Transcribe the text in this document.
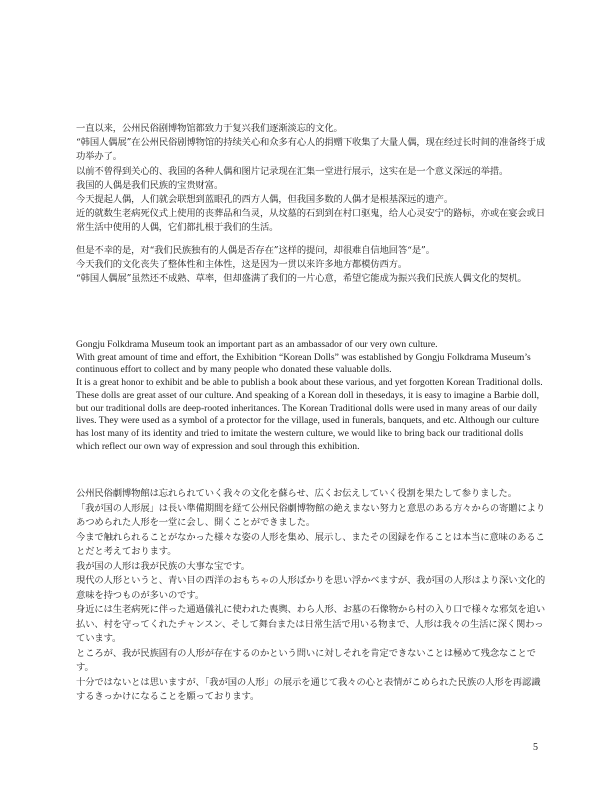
一直以来，公州民俗剧博物馆都致力于复兴我们逐渐淡忘的文化。

“韩国人偶展”在公州民俗剧博物馆的持续关心和众多有心人的捐赠下收集了大量人偶，现在经过长时间的准备终于成功举办了。

以前不曾得到关心的、我国的各种人偶和图片记录现在汇集一堂进行展示，这实在是一个意义深远的举措。

我国的人偶是我们民族的宝贵财富。

今天提起人偶，人们就会联想到蓝眼孔的西方人偶，但我国多数的人偶才是根基深远的遗产。

近的就数生老病死仪式上使用的丧葬品和刍灵，从坟墓的石到到在村口驱鬼，给人心灵安宁的路标，亦或在宴会或日常生活中使用的人偶，它们都扎根于我们的生活。

但是不幸的是，对“我们民族独有的人偶是否存在”这样的提问，却很难自信地回答“是”。

今天我们的文化丧失了整体性和主体性，这是因为一贯以来许多地方都模仿西方。

“韩国人偶展”虽然还不成熟、草率，但却盛满了我们的一片心意，希望它能成为振兴我们民族人偶文化的契机。

Gongju Folkdrama Museum took an important part as an ambassador of our very own culture.

With great amount of time and effort, the Exhibition “Korean Dolls” was established by Gongju Folkdrama Museum’s continuous effort to collect and by many people who donated these valuable dolls.

It is a great honor to exhibit and be able to publish a book about these various, and yet forgotten Korean Traditional dolls.

These dolls are great asset of our culture. And speaking of a Korean doll in thesedays, it is easy to imagine a Barbie doll, but our traditional dolls are deep-rooted inheritances. The Korean Traditional dolls were used in many areas of our daily lives. They were used as a symbol of a protector for the village, used in funerals, banquets, and etc. Although our culture has lost many of its identity and tried to imitate the western culture, we would like to bring back our traditional dolls which reflect our own way of expression and soul through this exhibition.

公州民俗劇博物館は忘れられていく我々の文化を蘇らせ、広くお伝えしていく役割を果たして参りました。

「我が国の人形展」は長い準備期間を経て公州民俗劇博物館の絶えまない努力と意思のある方々からの寄贈によりあつめられた人形を一堂に会し、開くことができました。

今まで触れられることがなかった様々な姿の人形を集め、展示し、またその図録を作ることは本当に意味のあることだと考えております。

我が国の人形は我が民族の大事な宝です。

現代の人形というと、青い目の西洋のおもちゃの人形ばかりを思い浮かべますが、我が国の人形はより深い文化的意味を持つものが多いのです。

身近には生老病死に伴った通過儀礼に使われた喪輿、わら人形、お墓の石像物から村の入り口で様々な邪気を追い払い、村を守ってくれたチャンスン、そして舞台または日常生活で用いる物まで、人形は我々の生活に深く関わっています。

ところが、我が民族固有の人形が存在するのかという問いに対しそれを肯定できないことは極めて残念なことです。

十分ではないとは思いますが、「我が国の人形」の展示を通じて我々の心と表情がこめられた民族の人形を再認識するきっかけになることを願っております。

5
